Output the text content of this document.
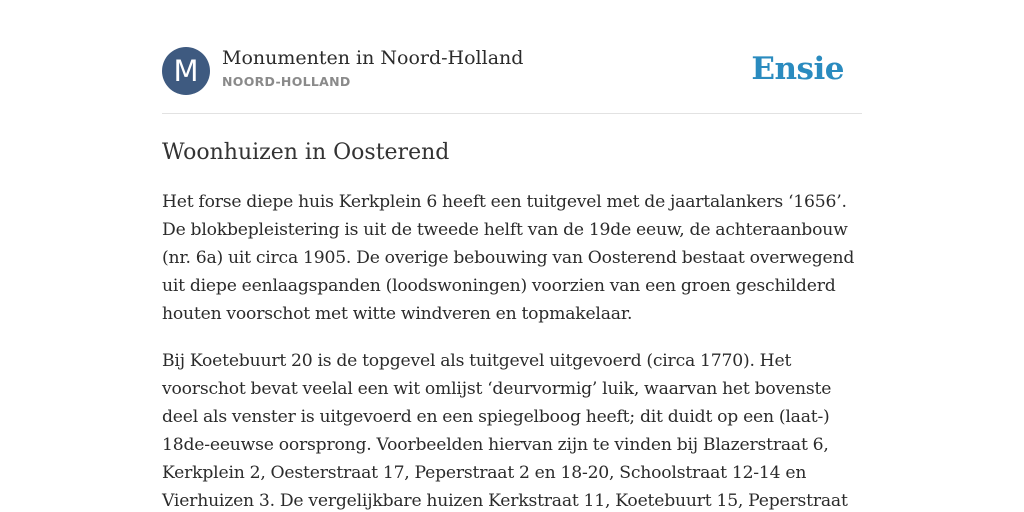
M	Monumenten in Noord-Holland
NOORD-HOLLAND	Ensie
Woonhuizen in Oosterend

Het forse diepe huis Kerkplein 6 heeft een tuitgevel met de jaartalankers ‘1656’. De blokbepleistering is uit de tweede helft van de 19de eeuw, de achteraanbouw (nr. 6a) uit circa 1905. De overige bebouwing van Oosterend bestaat overwegend uit diepe eenlaagspanden (loodswoningen) voorzien van een groen geschilderd houten voorschot met witte windveren en topmakelaar.

Bij Koetebuurt 20 is de topgevel als tuitgevel uitgevoerd (circa 1770). Het voorschot bevat veelal een wit omlijst ‘deurvormig’ luik, waarvan het bovenste deel als venster is uitgevoerd en een spiegelboog heeft; dit duidt op een (laat-) 18de-eeuwse oorsprong. Voorbeelden hiervan zijn te vinden bij Blazerstraat 6, Kerkplein 2, Oesterstraat 17, Peperstraat 2 en 18-20, Schoolstraat 12-14 en Vierhuizen 3. De vergelijkbare huizen Kerkstraat 11, Koetebuurt 15, Peperstraat
